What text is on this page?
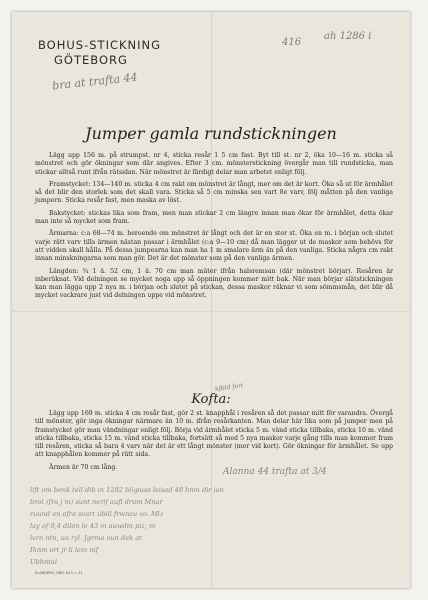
BOHUS-STICKNING
GÖTEBORG
416
ah 1286 i
bra at trafta 44
kfbld fort
Jumper gamla rundstickningen

Lägg upp 156 m. på strumpst. nr 4, sticka resår 1 5 cm fast. Byt till st. nr 2, öka 10—16 m. sticka så mönstret och gör ökningar som där angives. Efter 3 cm. mönsterstickning övergår man till rundsticka, man stickar alltså runt ifrån rätsidan. När mönstret är färdigt delar man arbetet enligt följ.

Framstycket: 134—140 m. sticka 4 cm rakt om mönstret är långt, mer om det är kort. Öka så ut för ärmhålet så det blir den storlek som det skall vara. Sticka så 5 cm minska sen vart 8e varv, följ måtten på den vanliga jumpern. Sticka resår fast, men maska av löst.

Bakstycket: stickas lika som fram, men man stickar 2 cm längre innan man ökar för ärmhålet, detta ökar man inte så mycket som fram.

Ärmarna: c:a 68—74 m. beroende om mönstret är långt och det är en stor st. Öka en m. i början och slutet varje rätt varv tills ärmen nästan passar i ärmhålet (c:a 9—10 cm) då man lägger ut de maskor som behövs för att vidden skall hålla. På dessa jumpearna kan man ha 1 m smalare ärm än på den vanliga. Sticka några cm rakt innan minskningarna som man gör. Det är det mönster som på den vanliga ärmen.

Längden: ¾ 1 ä. 52 cm, 1 ä. 70 cm man mäter ifrån halsremsan (där mönstret börjar). Resåren är inberäknat. Vid delningen se mycket noga upp så öppningen kommer mitt bak. När man börjar slätstickningen kan man lägga upp 2 nya m. i början och slutet på stickan, dessa maskor räknar vi som sömmsmån, det blir då mycket vackrare just vid delningen uppe vid mönstret.

Kofta:

Lägg upp 169 m. sticka 4 cm resår fast, gör 2 st. knapphål i resåren så det passar mitt för varandra. Övergå till mönster, gör inga ökningar närmare än 10 m. ifrån resårkanten. Man delar här lika som på jumper men på framstycket gör man vändningar enligt följ. Börja vid ärmhålet sticka 5 m. vänd sticka tillbaka, sticka 10 m. vänd sticka tillbaka, sticka 15 m. vänd sticka tillbaka, fortsätt så med 5 nya maskor varje gång tills man kommer fram till resåren, sticka så bara 4 varv när det är ett långt mönster (mer vid kort). Gör ökningar för ärmhålet. Se upp att knapphålen kommer på rätt sida.

Ärmen är 70 cm lång.	Alanna 44 trafta at 3/4
lift om benk tell dib in 1282 bligiuss leisad 48 hnm dir ion
brot (fra j m) sunt nerif aufl drum Mnar
ruund on ofra svart ubill frwnzu vo. Mlz
lay of 9,4 dilon le 43 m auwdm piz, m
lvrn ntn, uo ryl. Jgrma oun dek at
Ihnm ort jr li lem nif
Ubhntal
ELANDERS, GBG. 813. I. 51
